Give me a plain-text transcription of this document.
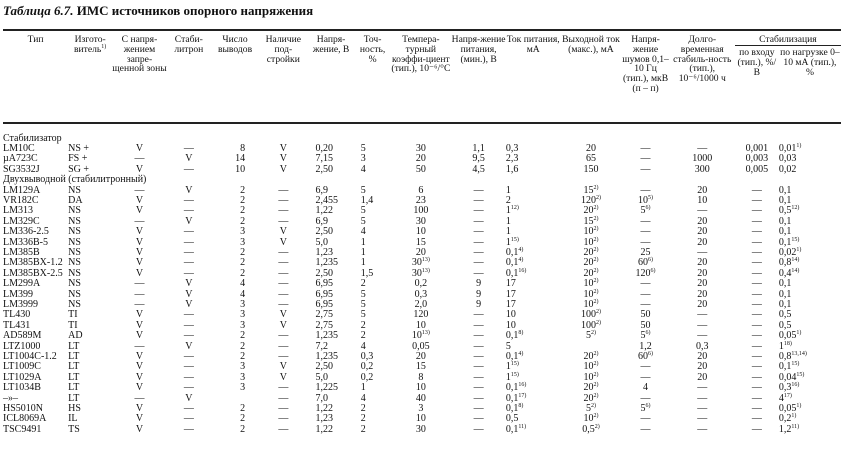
Таблица 6.7. ИМС источников опорного напряжения
Тип	Изгото-витель$^{1)}$	С напря-жением запре-щенной зоны	Стаби-литрон	Число выводов	Наличие под-стройки	Напря-жение, В	Точ-ность, %	Темпера-турный коэффи-циент (тип.), 10⁻⁶/°C	Напря-жение питания, (мин.), В	Ток питания, мА	Выходной ток (макс.), мА	Напря-жение шумов 0,1–10 Гц (тип.), мкВ (п – п)	Долго-временная стабиль-ность (тип.), 10⁻⁶/1000 ч	Стабилизация	
														по входу (тип.), %/В	по нагрузке 0–10 мА (тип.), %

Стабилизатор															
LM10C	NS +	V	—	8	V	0,20	5	30	1,1	0,3	20	—	—	0,001	0,01$^{1)}$
µA723C	FS +	—	V	14	V	7,15	3	20	9,5	2,3	65	—	1000	0,003	0,03
SG3532J	SG +	V	—	10	V	2,50	4	50	4,5	1,6	150	—	300	0,005	0,02
Двухвыводной (стабилитронный)															
LM129A	NS	—	V	2	—	6,9	5	6	—	1	15$^{2)}$	—	20	—	0,1
VR182C	DA	V	—	2	—	2,455	1,4	23	—	2	120$^{2)}$	10$^{5)}$	10	—	0,1
LM313	NS	V	—	2	—	1,22	5	100	—	1$^{12)}$	20$^{2)}$	5$^{6)}$	—	—	0,5$^{12)}$
LM329C	NS	—	V	2	—	6,9	5	30	—	1	15$^{2)}$	—	20	—	0,1
LM336-2.5	NS	V	—	3	V	2,50	4	10	—	1	10$^{2)}$	—	20	—	0,1
LM336B-5	NS	V	—	3	V	5,0	1	15	—	1$^{15)}$	10$^{2)}$	—	20	—	0,1$^{15)}$
LM385B	NS	V	—	2	—	1,23	1	20	—	0,1$^{4)}$	20$^{2)}$	25	—	—	0,02$^{1)}$
LM385BX-1.2	NS	V	—	2	—	1,235	1	30$^{13)}$	—	0,1$^{4)}$	20$^{2)}$	60$^{6)}$	20	—	0,8$^{14)}$
LM385BX-2.5	NS	V	—	2	—	2,50	1,5	30$^{13)}$	—	0,1$^{16)}$	20$^{2)}$	120$^{6)}$	20	—	0,4$^{14)}$
LM299A	NS	—	V	4	—	6,95	2	0,2	9	17	10$^{2)}$	—	20	—	0,1
LM399	NS	—	V	4	—	6,95	5	0,3	9	17	10$^{2)}$	—	20	—	0,1
LM3999	NS	—	V	3	—	6,95	5	2,0	9	17	10$^{2)}$	—	20	—	0,1
TL430	TI	V	—	3	V	2,75	5	120	—	10	100$^{2)}$	50	—	—	0,5
TL431	TI	V	—	3	V	2,75	2	10	—	10	100$^{2)}$	50	—	—	0,5
AD589M	AD	V	—	2	—	1,235	2	10$^{13)}$	—	0,1$^{8)}$	5$^{2)}$	5$^{6)}$	—	—	0,05$^{1)}$
LTZ1000	LT	—	V	2	—	7,2	4	0,05	—	5		1,2	0,3	—	1$^{18)}$
LT1004C-1.2	LT	V	—	2	—	1,235	0,3	20	—	0,1$^{4)}$	20$^{2)}$	60$^{6)}$	20	—	0,8$^{13,14)}$
LT1009C	LT	V	—	3	V	2,50	0,2	15	—	1$^{15)}$	10$^{2)}$	—	20	—	0,1$^{15)}$
LT1029A	LT	V	—	3	V	5,0	0,2	8	—	1$^{15)}$	10$^{2)}$	—	20	—	0,04$^{15)}$
LT1034B	LT	V	—	3	—	1,225	1	10	—	0,1$^{16)}$	20$^{2)}$	4	—	—	0,3$^{16)}$
–»–	LT	—	V		—	7,0	4	40	—	0,1$^{17)}$	20$^{2)}$	—	—	—	4$^{17)}$
HS5010N	HS	V	—	2	—	1,22	2	3	—	0,1$^{8)}$	5$^{2)}$	5$^{6)}$	—	—	0,05$^{1)}$
ICL8069A	IL	V	—	2	—	1,23	2	10	—	0,5	10$^{2)}$	—	—	—	0,2$^{1)}$
TSC9491	TS	V	—	2	—	1,22	2	30	—	0,1$^{11)}$	0,5$^{2)}$	—	—	—	1,2$^{11)}$
